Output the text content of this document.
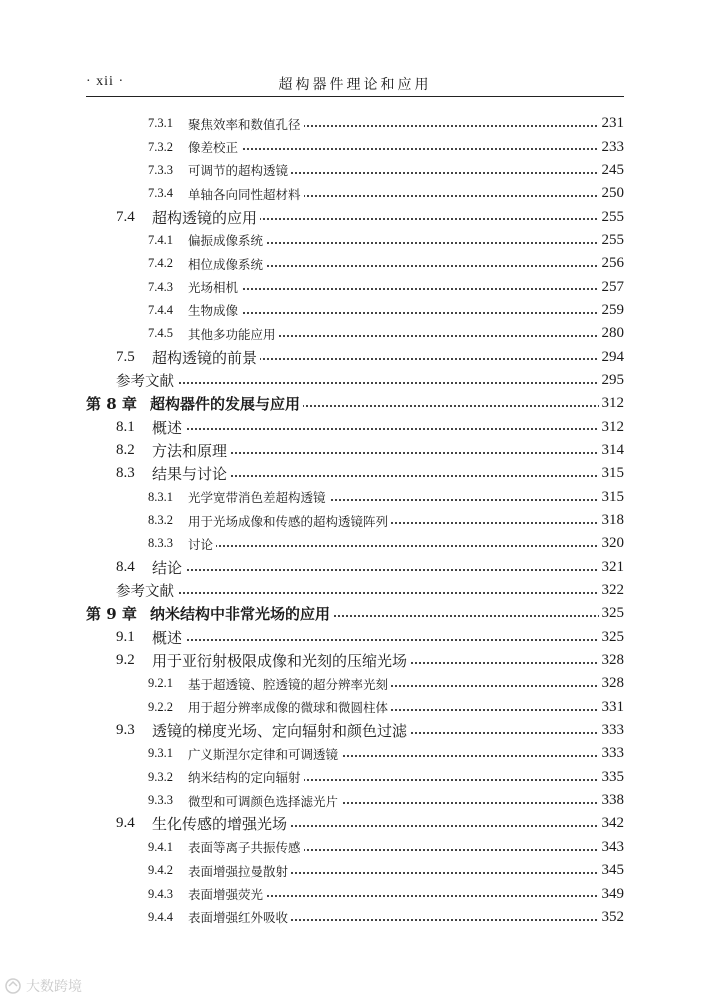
· xii ·	超构器件理论和应用
7.3.1 聚焦效率和数值孔径	231
7.3.2 像差校正	233
7.3.3 可调节的超构透镜	245
7.3.4 单轴各向同性超材料	250
7.4 超构透镜的应用	255
7.4.1 偏振成像系统	255
7.4.2 相位成像系统	256
7.4.3 光场相机	257
7.4.4 生物成像	259
7.4.5 其他多功能应用	280
7.5 超构透镜的前景	294
参考文献	295
第 8 章 超构器件的发展与应用	312
8.1 概述	312
8.2 方法和原理	314
8.3 结果与讨论	315
8.3.1 光学宽带消色差超构透镜	315
8.3.2 用于光场成像和传感的超构透镜阵列	318
8.3.3 讨论	320
8.4 结论	321
参考文献	322
第 9 章 纳米结构中非常光场的应用	325
9.1 概述	325
9.2 用于亚衍射极限成像和光刻的压缩光场	328
9.2.1 基于超透镜、腔透镜的超分辨率光刻	328
9.2.2 用于超分辨率成像的微球和微圆柱体	331
9.3 透镜的梯度光场、定向辐射和颜色过滤	333
9.3.1 广义斯涅尔定律和可调透镜	333
9.3.2 纳米结构的定向辐射	335
9.3.3 微型和可调颜色选择滤光片	338
9.4 生化传感的增强光场	342
9.4.1 表面等离子共振传感	343
9.4.2 表面增强拉曼散射	345
9.4.3 表面增强荧光	349
9.4.4 表面增强红外吸收	352
大数跨境
